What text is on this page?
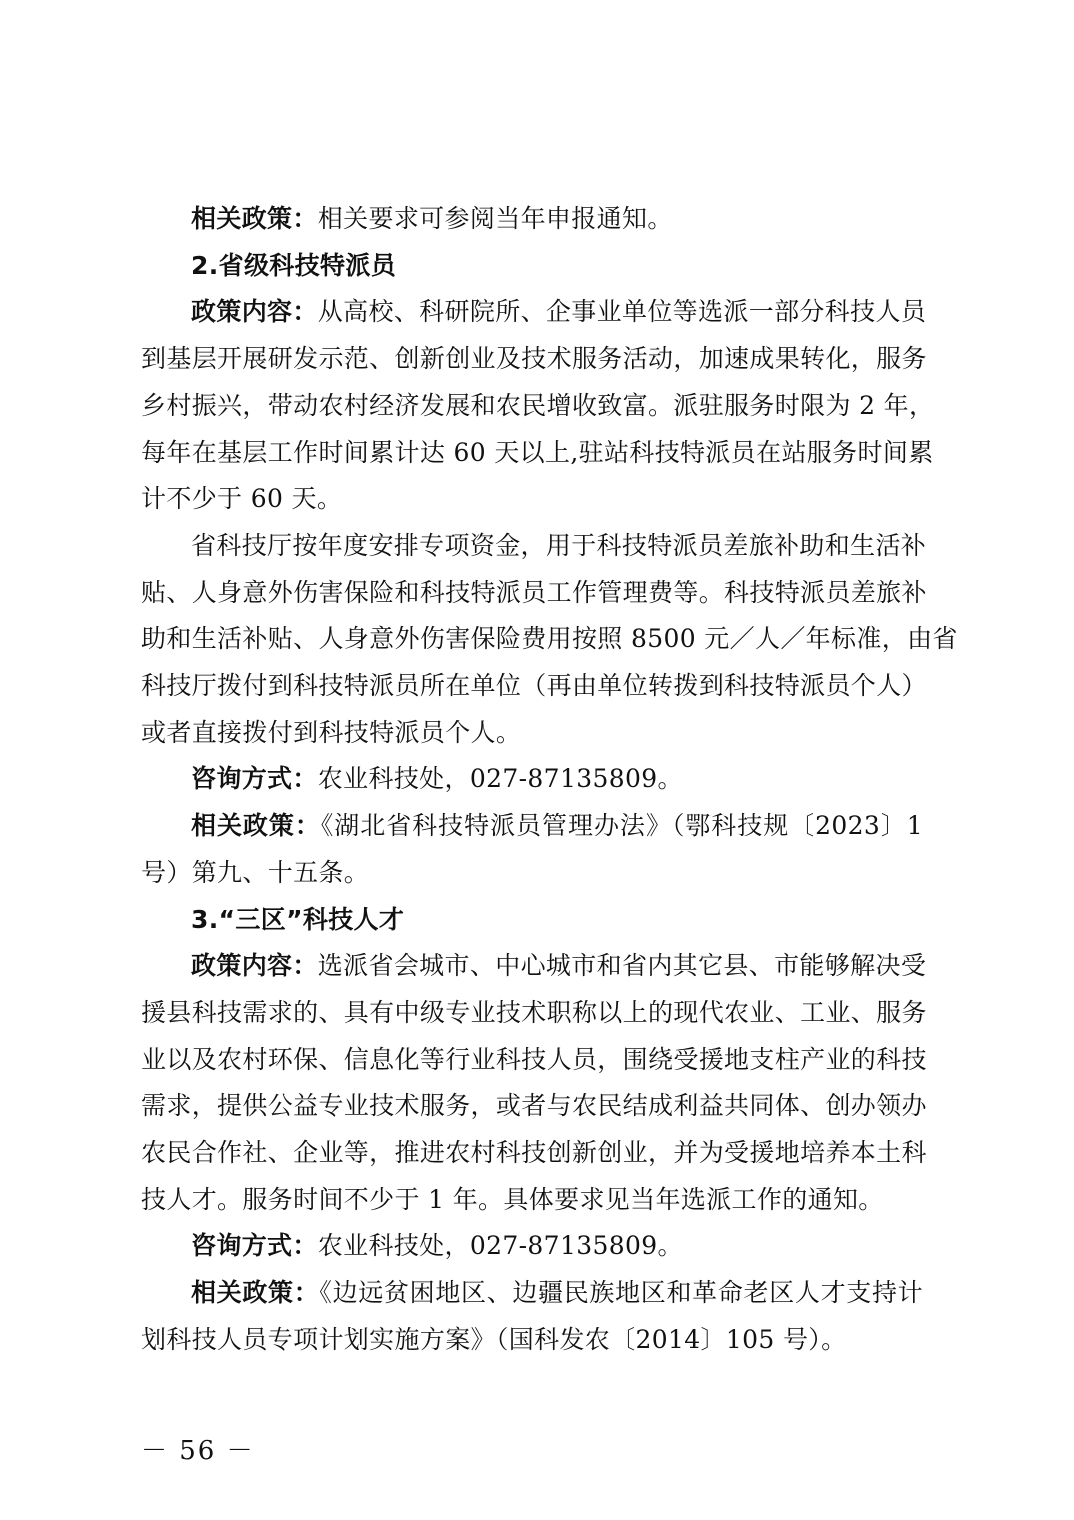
相关政策：相关要求可参阅当年申报通知。
2.省级科技特派员
政策内容：从高校、科研院所、企事业单位等选派一部分科技人员
到基层开展研发示范、创新创业及技术服务活动，加速成果转化，服务
乡村振兴，带动农村经济发展和农民增收致富。派驻服务时限为 2 年，
每年在基层工作时间累计达 60 天以上,驻站科技特派员在站服务时间累
计不少于 60 天。
省科技厅按年度安排专项资金，用于科技特派员差旅补助和生活补
贴、人身意外伤害保险和科技特派员工作管理费等。科技特派员差旅补
助和生活补贴、人身意外伤害保险费用按照 8500 元／人／年标准，由省
科技厅拨付到科技特派员所在单位（再由单位转拨到科技特派员个人）
或者直接拨付到科技特派员个人。
咨询方式：农业科技处，027-87135809。
相关政策：《湖北省科技特派员管理办法》（鄂科技规〔2023〕1
号）第九、十五条。
3.“三区”科技人才
政策内容：选派省会城市、中心城市和省内其它县、市能够解决受
援县科技需求的、具有中级专业技术职称以上的现代农业、工业、服务
业以及农村环保、信息化等行业科技人员，围绕受援地支柱产业的科技
需求，提供公益专业技术服务，或者与农民结成利益共同体、创办领办
农民合作社、企业等，推进农村科技创新创业，并为受援地培养本土科
技人才。服务时间不少于 1 年。具体要求见当年选派工作的通知。
咨询方式：农业科技处，027-87135809。
相关政策：《边远贫困地区、边疆民族地区和革命老区人才支持计
划科技人员专项计划实施方案》（国科发农〔2014〕105 号）。
－ 56 －
